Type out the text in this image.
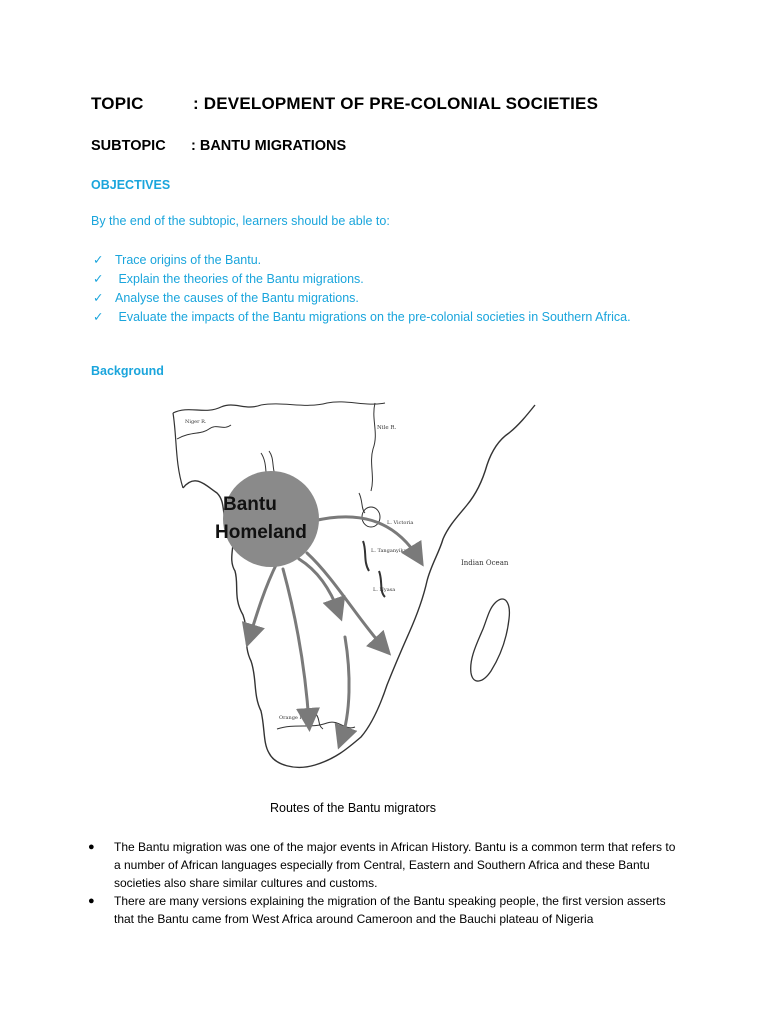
TOPIC	: DEVELOPMENT OF PRE-COLONIAL SOCIETIES
SUBTOPIC	: BANTU MIGRATIONS
OBJECTIVES
By the end of the subtopic, learners should be able to:
✓ Trace origins of the Bantu.
✓ Explain the theories of the Bantu migrations.
✓ Analyse the causes of the Bantu migrations.
✓ Evaluate the impacts of the Bantu migrations on the pre-colonial societies in Southern Africa.
Background
Niger R.
Nile R.
L. Victoria
L. Tanganyika
L. Nyasa
Indian Ocean
Orange R.
Bantu
Homeland
Routes of the Bantu migrators
●	The Bantu migration was one of the major events in African History. Bantu is a common term that refers to a number of African languages especially from Central, Eastern and Southern Africa and these Bantu societies also share similar cultures and customs.
●	There are many versions explaining the migration of the Bantu speaking people, the first version asserts that the Bantu came from West Africa around Cameroon and the Bauchi plateau of Nigeria
